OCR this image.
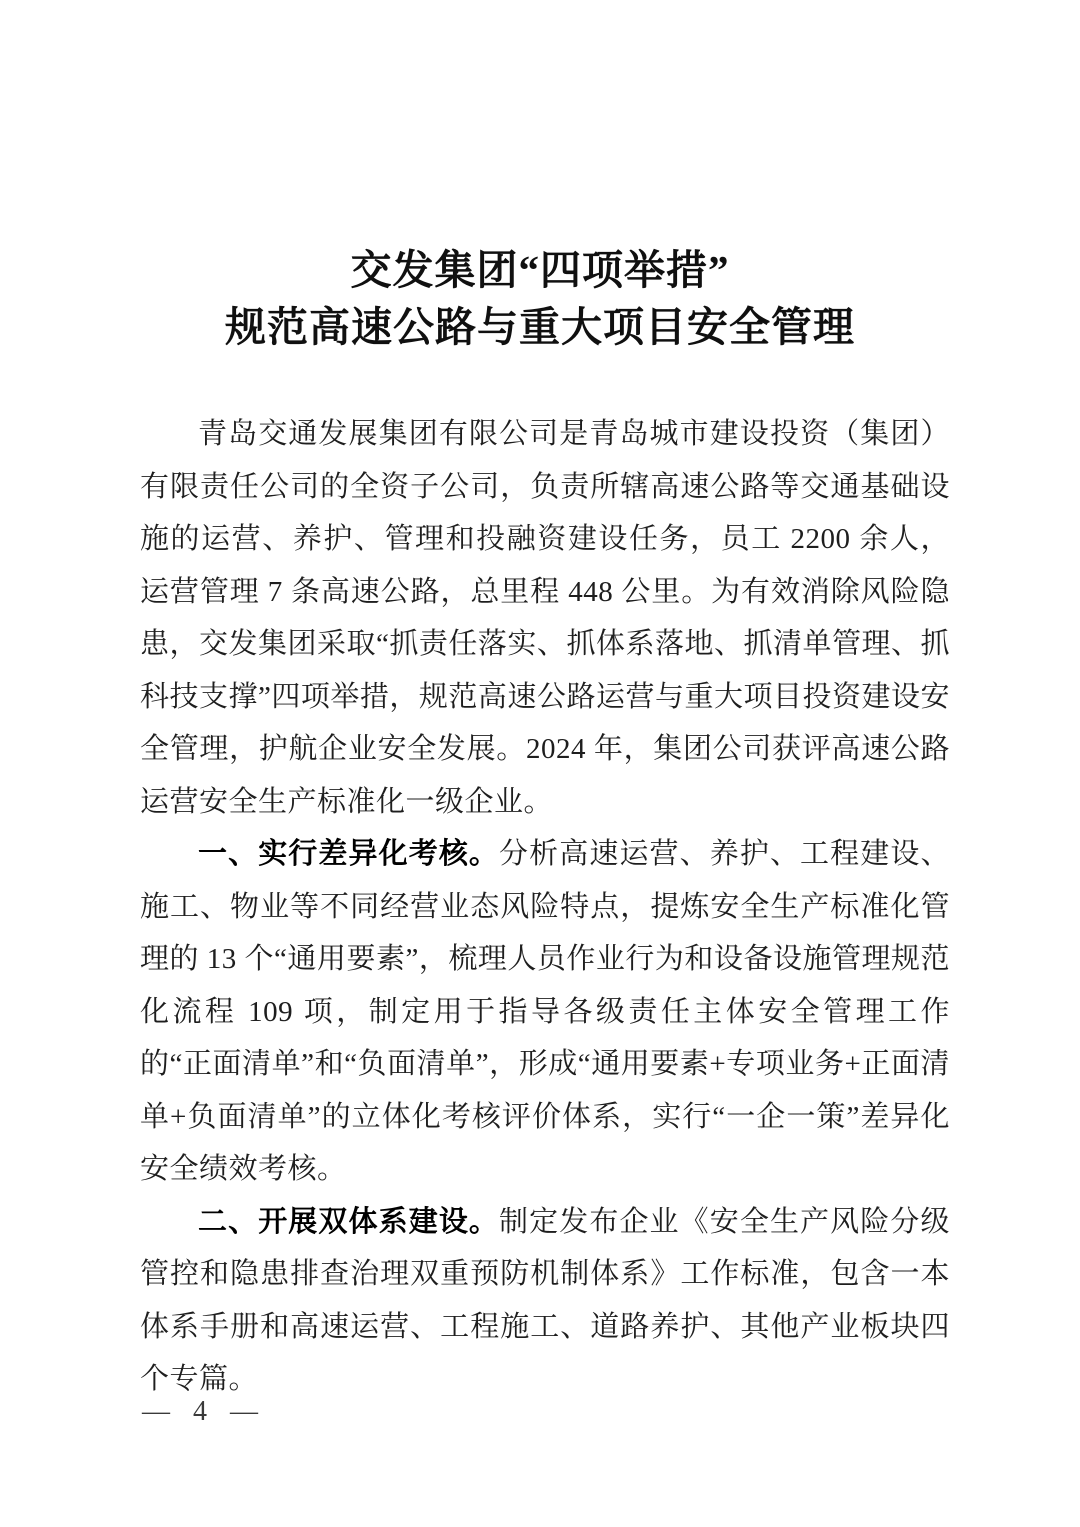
交发集团“四项举措”
规范高速公路与重大项目安全管理

青岛交通发展集团有限公司是青岛城市建设投资（集团）有限责任公司的全资子公司，负责所辖高速公路等交通基础设施的运营、养护、管理和投融资建设任务，员工 2200 余人，运营管理 7 条高速公路，总里程 448 公里。为有效消除风险隐患，交发集团采取“抓责任落实、抓体系落地、抓清单管理、抓科技支撑”四项举措，规范高速公路运营与重大项目投资建设安全管理，护航企业安全发展。2024 年，集团公司获评高速公路运营安全生产标准化一级企业。

一、实行差异化考核。分析高速运营、养护、工程建设、施工、物业等不同经营业态风险特点，提炼安全生产标准化管理的 13 个“通用要素”，梳理人员作业行为和设备设施管理规范化流程 109 项，制定用于指导各级责任主体安全管理工作的“正面清单”和“负面清单”，形成“通用要素+专项业务+正面清单+负面清单”的立体化考核评价体系，实行“一企一策”差异化安全绩效考核。

二、开展双体系建设。制定发布企业《安全生产风险分级管控和隐患排查治理双重预防机制体系》工作标准，包含一本体系手册和高速运营、工程施工、道路养护、其他产业板块四个专篇。

— 4 —
